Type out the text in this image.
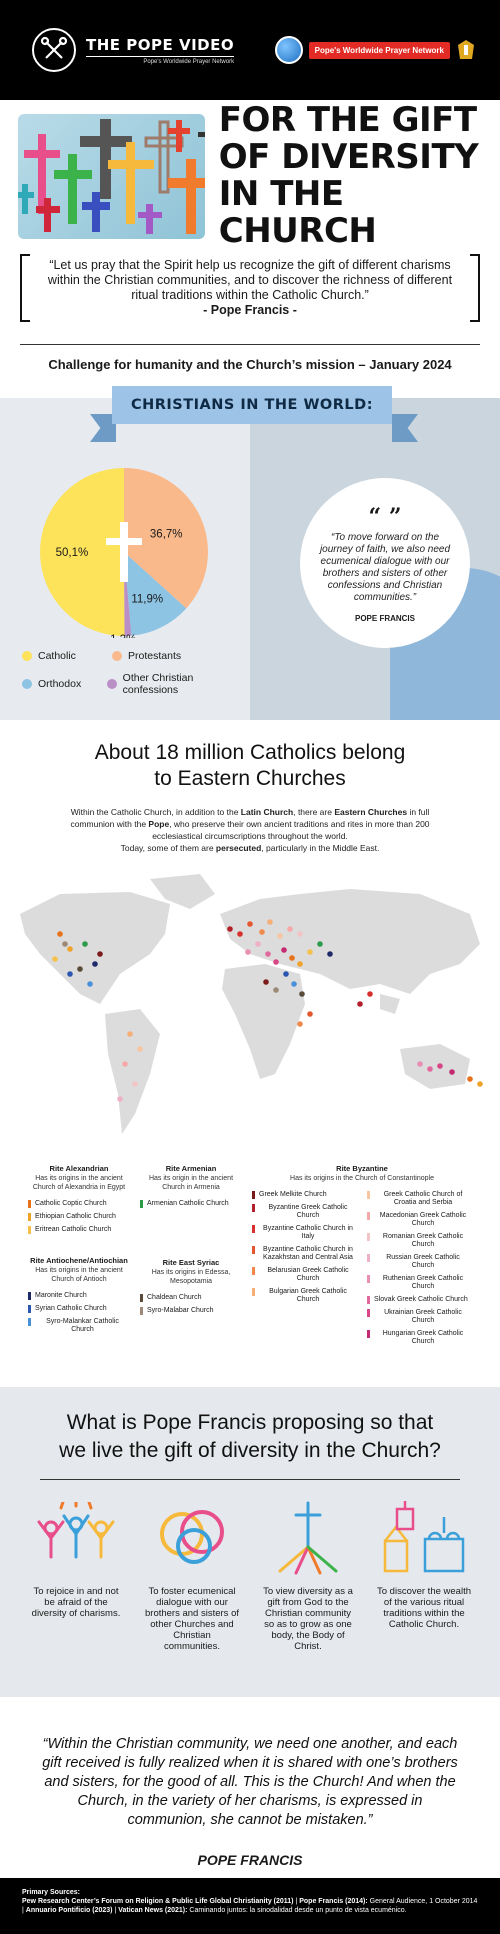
THE POPE VIDEO
Pope's Worldwide Prayer Network
Pope's Worldwide Prayer Network
FOR THE GIFT
OF DIVERSITY
IN THE CHURCH
“Let us pray that the Spirit help us recognize the gift of different charisms within the Christian communities, and to discover the richness of different ritual traditions within the Catholic Church.”
- Pope Francis -
Challenge for humanity and the Church’s mission – January 2024
CHRISTIANS IN THE WORLD:
50,1%
36,7%
11,9%
Catholic	Protestants
Orthodox	Other Christian confessions
“ ”
“To move forward on the journey of faith, we also need ecumenical dialogue with our brothers and sisters of other confessions and Christian communities.”
POPE FRANCIS
About 18 million Catholics belong
to Eastern Churches
Within the Catholic Church, in addition to the Latin Church, there are Eastern Churches in full communion with the Pope, who preserve their own ancient traditions and rites in more than 200 ecclesiastical circumscriptions throughout the world.
Today, some of them are persecuted, particularly in the Middle East.
Rite Alexandrian
Has its origins in the ancient Church of Alexandria in Egypt
Catholic Coptic Church
Ethiopian Catholic Church
Eritrean Catholic Church
Rite Antiochene/Antiochian
Has its origins in the ancient Church of Antioch
Maronite Church
Syrian Catholic Church
Syro-Malankar Catholic Church
Rite Armenian
Has its origin in the ancient Church in Armenia
Armenian Catholic Church
Rite East Syriac
Has its origins in Edessa, Mesopotamia
Chaldean Church
Syro-Malabar Church
Rite Byzantine
Has its origins in the Church of Constantinople
Greek Melkite Church
Byzantine Greek Catholic Church
Byzantine Catholic Church in Italy
Byzantine Catholic Church in Kazakhstan and Central Asia
Belarusian Greek Catholic Church
Bulgarian Greek Catholic Church
Greek Catholic Church of Croatia and Serbia
Macedonian Greek Catholic Church
Romanian Greek Catholic Church
Russian Greek Catholic Church
Ruthenian Greek Catholic Church
Slovak Greek Catholic Church
Ukrainian Greek Catholic Church
Hungarian Greek Catholic Church
What is Pope Francis proposing so that
we live the gift of diversity in the Church?
To rejoice in and not be afraid of the diversity of charisms.
To foster ecumenical dialogue with our brothers and sisters of other Churches and Christian communities.
To view diversity as a gift from God to the Christian community so as to grow as one body, the Body of Christ.
To discover the wealth of the various ritual traditions within the Catholic Church.
“Within the Christian community, we need one another, and each gift received is fully realized when it is shared with one’s brothers and sisters, for the good of all. This is the Church! And when the Church, in the variety of her charisms, is expressed in communion, she cannot be mistaken.”
POPE FRANCIS
Primary Sources:
Pew Research Center’s Forum on Religion & Public Life Global Christianity (2011) | Pope Francis (2014): General Audience, 1 October 2014 | Annuario Pontificio (2023) | Vatican News (2021): Caminando juntos: la sinodalidad desde un punto de vista ecuménico.
